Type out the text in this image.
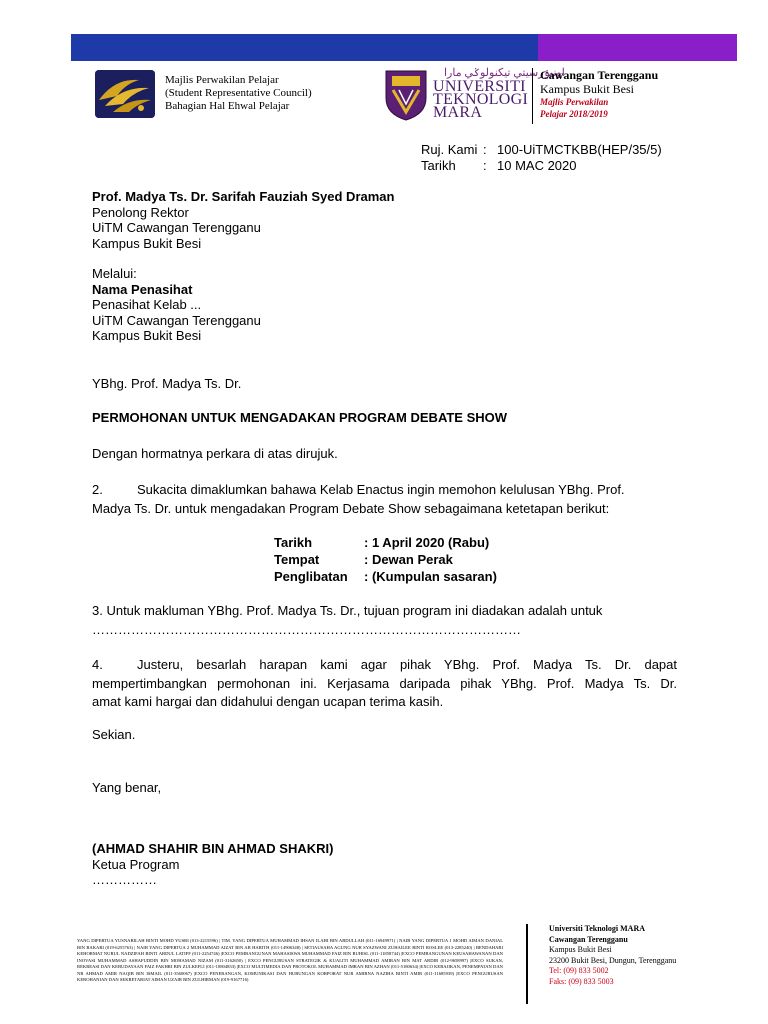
Majlis Perwakilan Pelajar
(Student Representative Council)
Bahagian Hal Ehwal Pelajar
اونيۏرسيتي تيكنولوݢي مارا
UNIVERSITI
TEKNOLOGI
MARA
Cawangan Terengganu
Kampus Bukit Besi
Majlis Perwakilan
Pelajar 2018/2019
Ruj. Kami : 100-UiTMCTKBB(HEP/35/5)
Tarikh	: 10 MAC 2020
Prof. Madya Ts. Dr. Sarifah Fauziah Syed Draman
Penolong Rektor
UiTM Cawangan Terengganu
Kampus Bukit Besi
Melalui:
Nama Penasihat
Penasihat Kelab ...
UiTM Cawangan Terengganu
Kampus Bukit Besi
YBhg. Prof. Madya Ts. Dr.
PERMOHONAN UNTUK MENGADAKAN PROGRAM DEBATE SHOW
Dengan hormatnya perkara di atas dirujuk.
2.	Sukacita dimaklumkan bahawa Kelab Enactus ingin memohon kelulusan YBhg. Prof.
Madya Ts. Dr. untuk mengadakan Program Debate Show sebagaimana ketetapan berikut:
Tarikh	: 1 April 2020 (Rabu)
Tempat	: Dewan Perak
Penglibatan	: (Kumpulan sasaran)
3. Untuk makluman YBhg. Prof. Madya Ts. Dr., tujuan program ini diadakan adalah untuk
………………………………………………………………………………………
4.	Justeru, besarlah harapan kami agar pihak YBhg. Prof. Madya Ts. Dr. dapat
mempertimbangkan permohonan ini. Kerjasama daripada pihak YBhg. Prof. Madya Ts. Dr.
amat kami hargai dan didahului dengan ucapan terima kasih.
Sekian.
Yang benar,
(AHMAD SHAHIR BIN AHMAD SHAKRI)
Ketua Program
……………
YANG DIPERTUA YUSNABILAH BINTI MOHD YUSRI (013-2215596) | TIM. YANG DIPERTUA MUHAMMAD IHSAN ILAHI BIN ABDULLAH (011-16949971) | NAIB YANG DIPERTUA 1 MOHD AIMAN DANIAL BIN BAKARI (019-6255763) | NAIB YANG DIPERTUA 2 MUHAMMAD AIZAT BIN AB HARITH (011-14906348) | SETIAUSAHA AGUNG NUR SYAZWANI ZUHAILEE BINTI ROSLEE (013-2285240) | BENDAHARI KEHORMAT NURUL NADZIFAH BINTI ABDUL LATIFF (011-2254746) |EXCO PEMBANGUNAN MAHASISWA MUHAMMAD FAIZ BIN RUHISL (011-11858744) |EXCO PEMBANGUNAN KEUSAHAWANAN DAN INOVASI MUHAMMAD ASHAFUDDIN BIN MOHAMAD NIZAM (011-3162650) | EXCO PENGURUSAN STRATEGIK & KUALITI MUHAMMAD AMIRAN BIN MAT ARDIB (012-9658997) |EXCO SUKAN, REKREASI DAN KEBUDAYAAN FAIZ FAKHRI BIN ZULKEFLI (011-10804833) |EXCO MULTIMEDIA DAN PROTOKOL MUHAMMAD IMRAN BIN AZHAN (011-5180634) |EXCO KEBAJIKAN, PENEMPATAN DAN NR AHMAD AMIR NAQIB BIN ISMAIL (011-3560067) |EXCO PENERANGAN, KOMUNIKASI DAN HUBUNGAN KORPORAT NUR AMIRNA NAZIHA BINTI AMIR (011-11685939) |EXCO PENGURUSAN KEROHANIAN DAN SEKRETARIAT AIMAN UZAIR BIN ZULHIRMAN (019-9167716)
Universiti Teknologi MARA
Cawangan Terengganu
Kampus Bukit Besi
23200 Bukit Besi, Dungun, Terengganu
Tel: (09) 833 5002
Faks: (09) 833 5003
